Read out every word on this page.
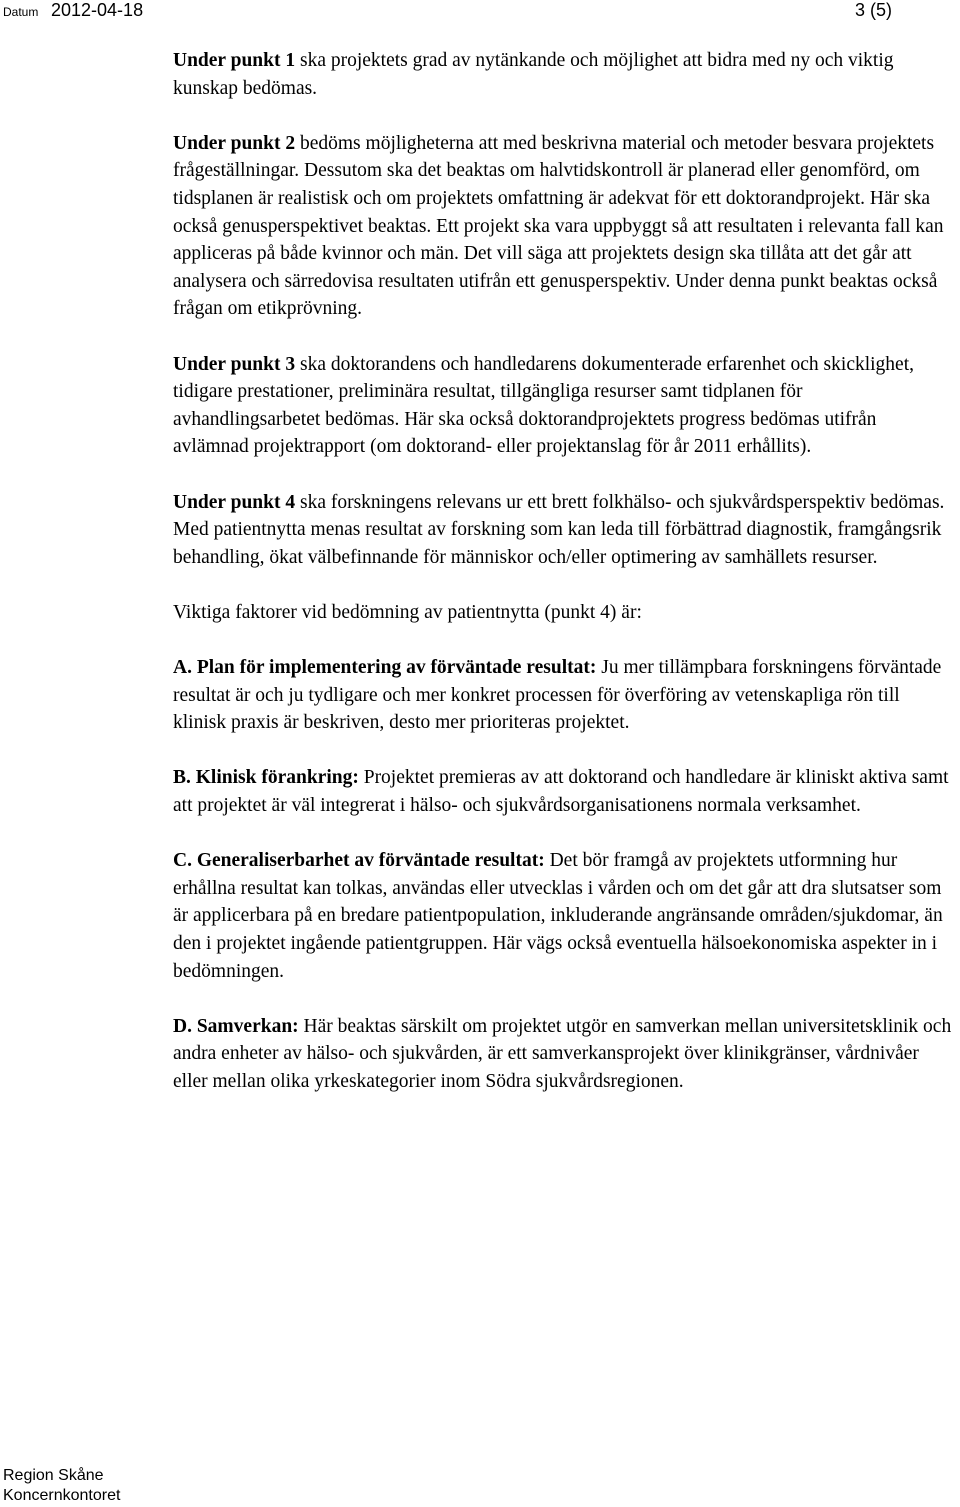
Datum 2012-04-18	3 (5)

Under punkt 1 ska projektets grad av nytänkande och möjlighet att bidra med ny och viktig kunskap bedömas.

Under punkt 2 bedöms möjligheterna att med beskrivna material och metoder besvara projektets frågeställningar. Dessutom ska det beaktas om halvtidskontroll är planerad eller genomförd, om tidsplanen är realistisk och om projektets omfattning är adekvat för ett doktorandprojekt. Här ska också genusperspektivet beaktas. Ett projekt ska vara uppbyggt så att resultaten i relevanta fall kan appliceras på både kvinnor och män. Det vill säga att projektets design ska tillåta att det går att analysera och särredovisa resultaten utifrån ett genusperspektiv. Under denna punkt beaktas också frågan om etikprövning.

Under punkt 3 ska doktorandens och handledarens dokumenterade erfarenhet och skicklighet, tidigare prestationer, preliminära resultat, tillgängliga resurser samt tidplanen för avhandlingsarbetet bedömas. Här ska också doktorandprojektets progress bedömas utifrån avlämnad projektrapport (om doktorand- eller projektanslag för år 2011 erhållits).

Under punkt 4 ska forskningens relevans ur ett brett folkhälso- och sjukvårdsperspektiv bedömas. Med patientnytta menas resultat av forskning som kan leda till förbättrad diagnostik, framgångsrik behandling, ökat välbefinnande för människor och/eller optimering av samhällets resurser.

Viktiga faktorer vid bedömning av patientnytta (punkt 4) är:

A. Plan för implementering av förväntade resultat: Ju mer tillämpbara forskningens förväntade resultat är och ju tydligare och mer konkret processen för överföring av vetenskapliga rön till klinisk praxis är beskriven, desto mer prioriteras projektet.

B. Klinisk förankring: Projektet premieras av att doktorand och handledare är kliniskt aktiva samt att projektet är väl integrerat i hälso- och sjukvårdsorganisationens normala verksamhet.

C. Generaliserbarhet av förväntade resultat: Det bör framgå av projektets utformning hur erhållna resultat kan tolkas, användas eller utvecklas i vården och om det går att dra slutsatser som är applicerbara på en bredare patientpopulation, inkluderande angränsande områden/sjukdomar, än den i projektet ingående patientgruppen. Här vägs också eventuella hälsoekonomiska aspekter in i bedömningen.

D. Samverkan: Här beaktas särskilt om projektet utgör en samverkan mellan universitetsklinik och andra enheter av hälso- och sjukvården, är ett samverkansprojekt över klinikgränser, vårdnivåer eller mellan olika yrkeskategorier inom Södra sjukvårdsregionen.

Region Skåne
Koncernkontoret
